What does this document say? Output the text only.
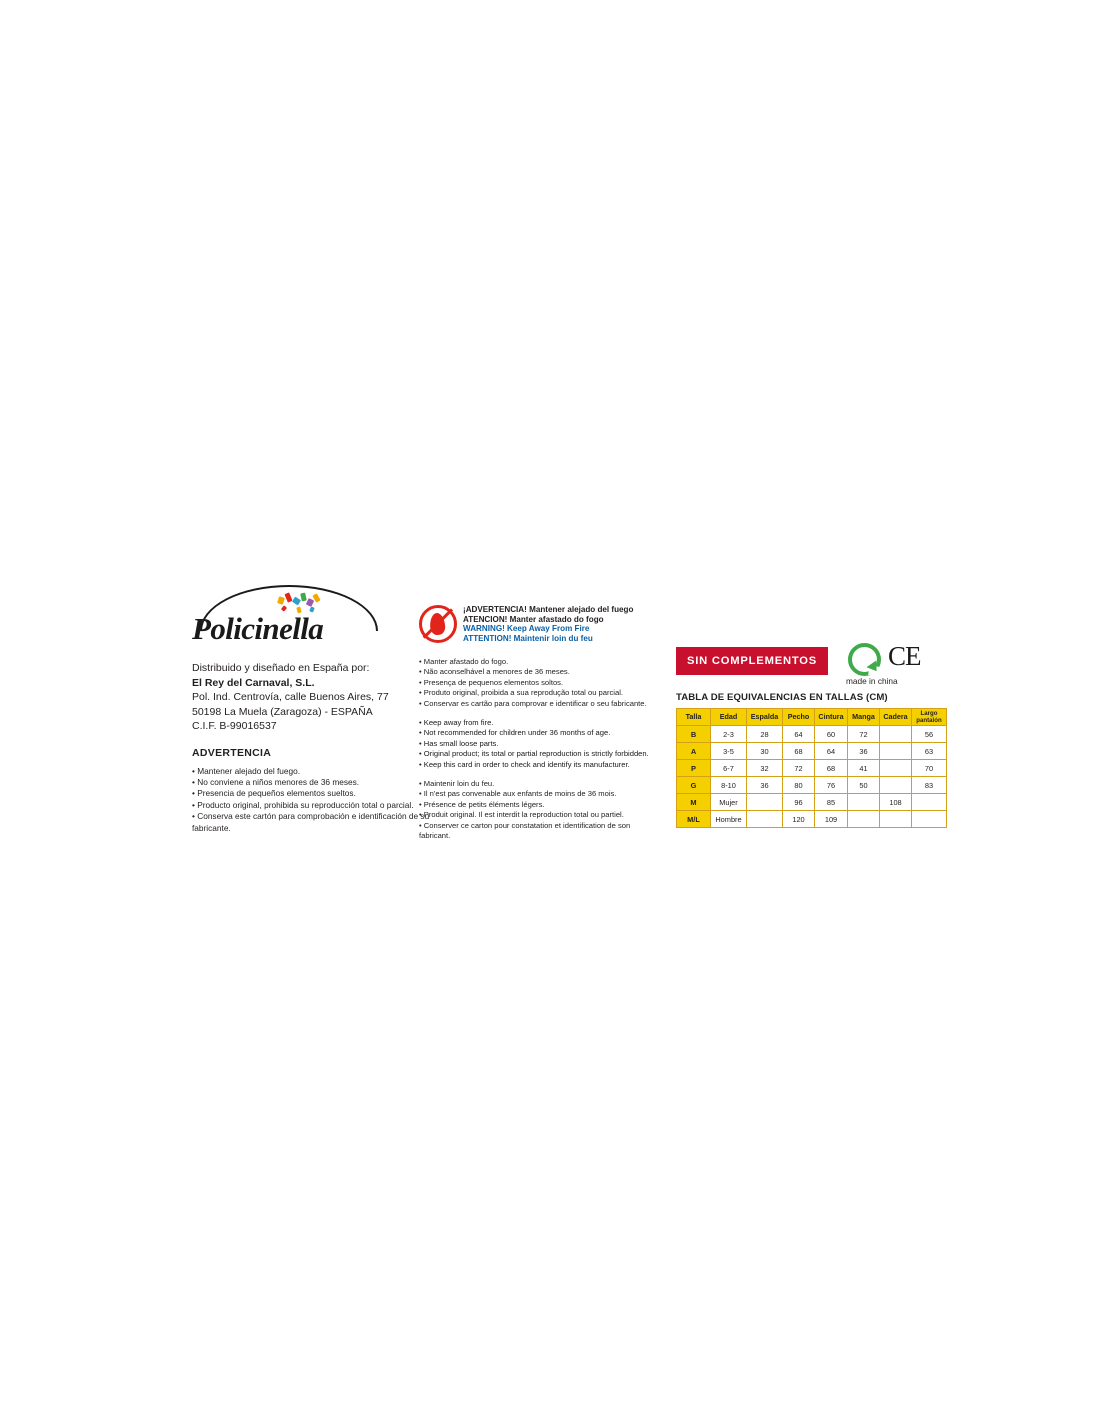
Policinella
Distribuido y diseñado en España por:
El Rey del Carnaval, S.L.
Pol. Ind. Centrovía, calle Buenos Aires, 77
50198 La Muela (Zaragoza) - ESPAÑA
C.I.F. B-99016537
ADVERTENCIA
• Mantener alejado del fuego.
• No conviene a niños menores de 36 meses.
• Presencia de pequeños elementos sueltos.
• Producto original, prohibida su reproducción total o parcial.
• Conserva este cartón para comprobación e identificación de su fabricante.
¡ADVERTENCIA! Mantener alejado del fuego
ATENCION! Manter afastado do fogo
WARNING! Keep Away From Fire
ATTENTION! Maintenir loin du feu

• Manter afastado do fogo.
• Não aconselhável a menores de 36 meses.
• Presença de pequenos elementos soltos.
• Produto original, proibida a sua reprodução total ou parcial.
• Conservar es cartão para comprovar e identificar o seu fabricante.

• Keep away from fire.
• Not recommended for children under 36 months of age.
• Has small loose parts.
• Original product; its total or partial reproduction is strictly forbidden.
• Keep this card in order to check and identify its manufacturer.

• Maintenir loin du feu.
• Il n'est pas convenable aux enfants de moins de 36 mois.
• Présence de petits éléments légers.
• Produit original. Il est interdit la reproduction total ou partiel.
• Conserver ce carton pour constatation et identification de son fabricant.

SIN COMPLEMENTOS	CE
made in china
TABLA DE EQUIVALENCIAS EN TALLAS (CM)
Talla	Edad	Espalda	Pecho	Cintura	Manga	Cadera	Largo pantalón
B	2-3	28	64	60	72		56
A	3-5	30	68	64	36		63
P	6-7	32	72	68	41		70
G	8-10	36	80	76	50		83
M	Mujer		96	85		108	
M/L	Hombre		120	109			
